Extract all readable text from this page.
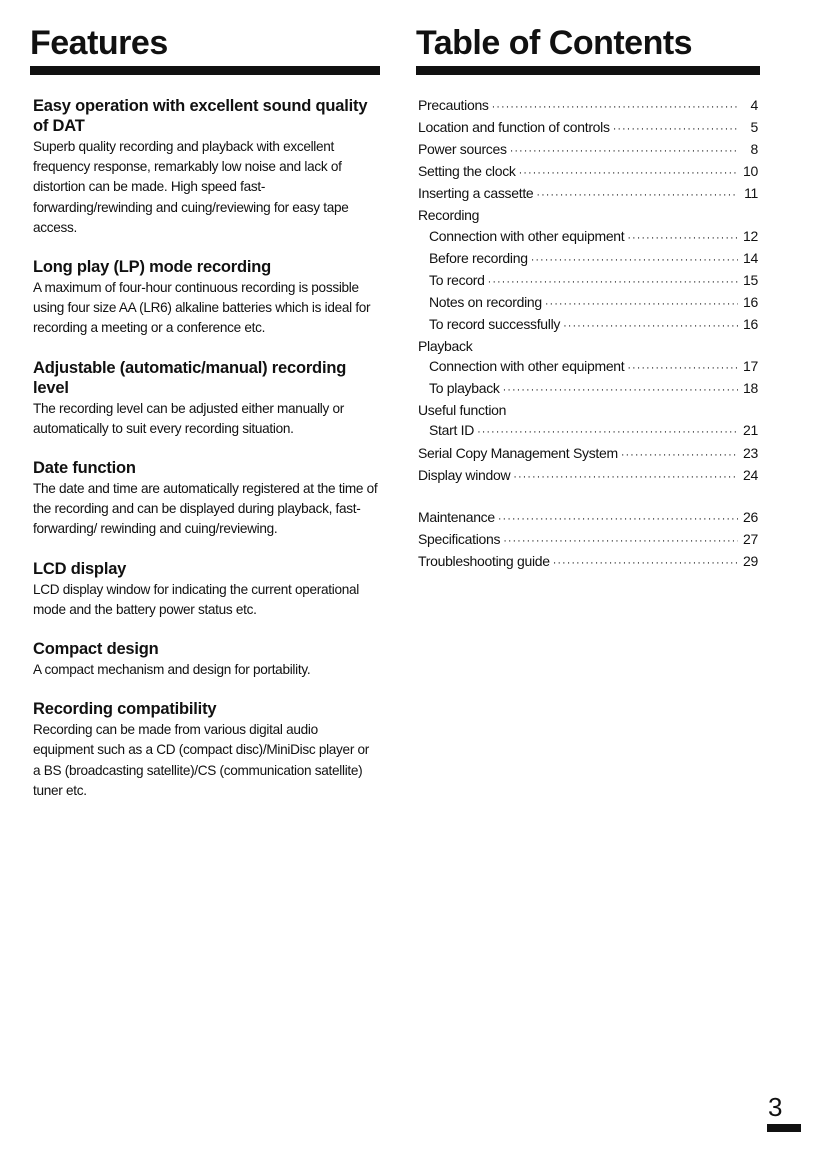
Features
Easy operation with excellent sound quality of DAT

Superb quality recording and playback with excellent frequency response, remarkably low noise and lack of distortion can be made. High speed fast-forwarding/rewinding and cuing/reviewing for easy tape access.

Long play (LP) mode recording

A maximum of four-hour continuous recording is possible using four size AA (LR6) alkaline batteries which is ideal for recording a meeting or a conference etc.

Adjustable (automatic/manual) recording level

The recording level can be adjusted either manually or automatically to suit every recording situation.

Date function

The date and time are automatically registered at the time of the recording and can be displayed during playback, fast-forwarding/ rewinding and cuing/reviewing.

LCD display

LCD display window for indicating the current operational mode and the battery power status etc.

Compact design

A compact mechanism and design for portability.

Recording compatibility

Recording can be made from various digital audio equipment such as a CD (compact disc)/MiniDisc player or a BS (broadcasting satellite)/CS (communication satellite) tuner etc.

Table of Contents
Precautions ·····	4
Location and function of controls ·····	5
Power sources ·····	8
Setting the clock ·····	10
Inserting a cassette ·····	11
Recording
Connection with other equipment ·····	12
Before recording ·····	14
To record ·····	15
Notes on recording ·····	16
To record successfully ·····	16
Playback
Connection with other equipment ·····	17
To playback ·····	18
Useful function
Start ID ·····	21
Serial Copy Management System ·····	23
Display window ·····	24
Maintenance ·····	26
Specifications ·····	27
Troubleshooting guide ·····	29
3
